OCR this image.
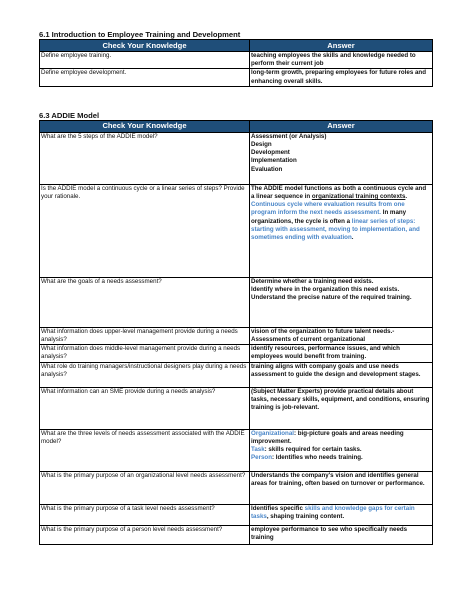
6.1 Introduction to Employee Training and Development
Check Your Knowledge	Answer
Define employee training.	teaching employees the skills and knowledge needed to perform their current job
Define employee development.	long-term growth, preparing employees for future roles and enhancing overall skills.
6.3 ADDIE Model
Check Your Knowledge	Answer
What are the 5 steps of the ADDIE model?	Assessment (or Analysis)
Design
Development
Implementation
Evaluation

Is the ADDIE model a continuous cycle or a linear series of steps? Provide your rationale.	The ADDIE model functions as both a continuous cycle and a linear sequence in organizational training contexts. Continuous cycle where evaluation results from one program inform the next needs assessment. In many organizations, the cycle is often a linear series of steps: starting with assessment, moving to implementation, and sometimes ending with evaluation.
What are the goals of a needs assessment?	Determine whether a training need exists.
Identify where in the organization this need exists.
Understand the precise nature of the required training.

What information does upper-level management provide during a needs analysis?	vision of the organization to future talent needs.- Assessments of current organizational
What information does middle-level management provide during a needs analysis?	identify resources, performance issues, and which employees would benefit from training.
What role do training managers/instructional designers play during a needs analysis?	training aligns with company goals and use needs assessment to guide the design and development stages.
What information can an SME provide during a needs analysis?	(Subject Matter Experts) provide practical details about tasks, necessary skills, equipment, and conditions, ensuring training is job-relevant.
What are the three levels of needs assessment associated with the ADDIE model?	Organizational: big-picture goals and areas needing improvement.
Task: skills required for certain tasks.
Person: Identifies who needs training.

What is the primary purpose of an organizational level needs assessment?	Understands the company's vision and identifies general areas for training, often based on turnover or performance.
What is the primary purpose of a task level needs assessment?	Identifies specific skills and knowledge gaps for certain tasks, shaping training content.
What is the primary purpose of a person level needs assessment?	employee performance to see who specifically needs training
